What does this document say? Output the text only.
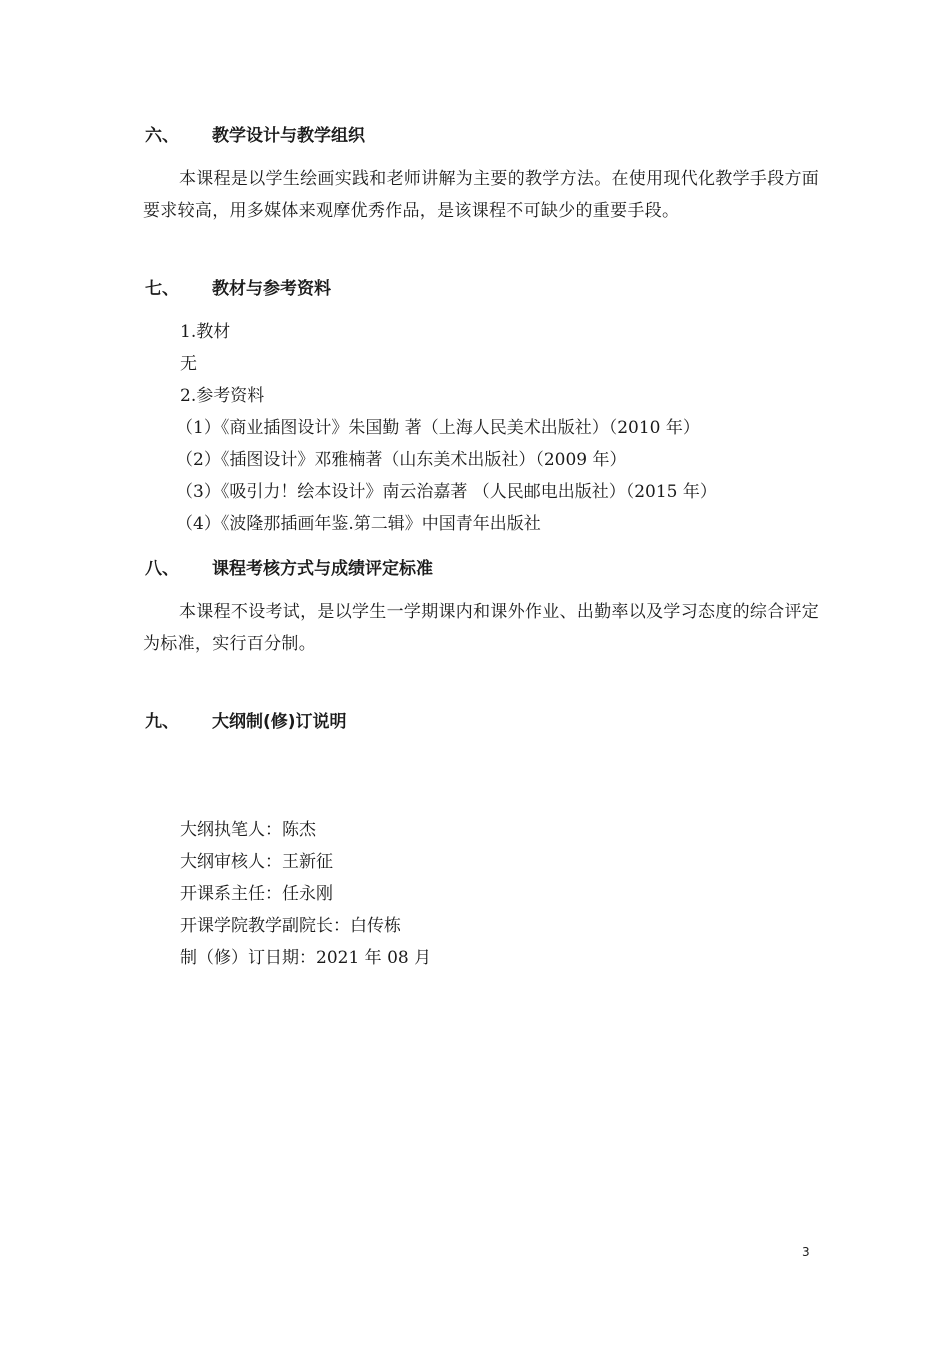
六、 教学设计与教学组织

本课程是以学生绘画实践和老师讲解为主要的教学方法。在使用现代化教学手段方面要求较高，用多媒体来观摩优秀作品，是该课程不可缺少的重要手段。

七、 教材与参考资料
1.教材
无
2.参考资料
（1）《商业插图设计》朱国勤 著（上海人民美术出版社）（2010 年）
（2）《插图设计》邓雅楠著（山东美术出版社）（2009 年）
（3）《吸引力！绘本设计》南云治嘉著 （人民邮电出版社）（2015 年）
（4）《波隆那插画年鉴.第二辑》中国青年出版社
八、 课程考核方式与成绩评定标准

本课程不设考试，是以学生一学期课内和课外作业、出勤率以及学习态度的综合评定为标准，实行百分制。

九、 大纲制(修)订说明
大纲执笔人：陈杰
大纲审核人：王新征
开课系主任：任永刚
开课学院教学副院长：白传栋
制（修）订日期：2021 年 08 月
3
